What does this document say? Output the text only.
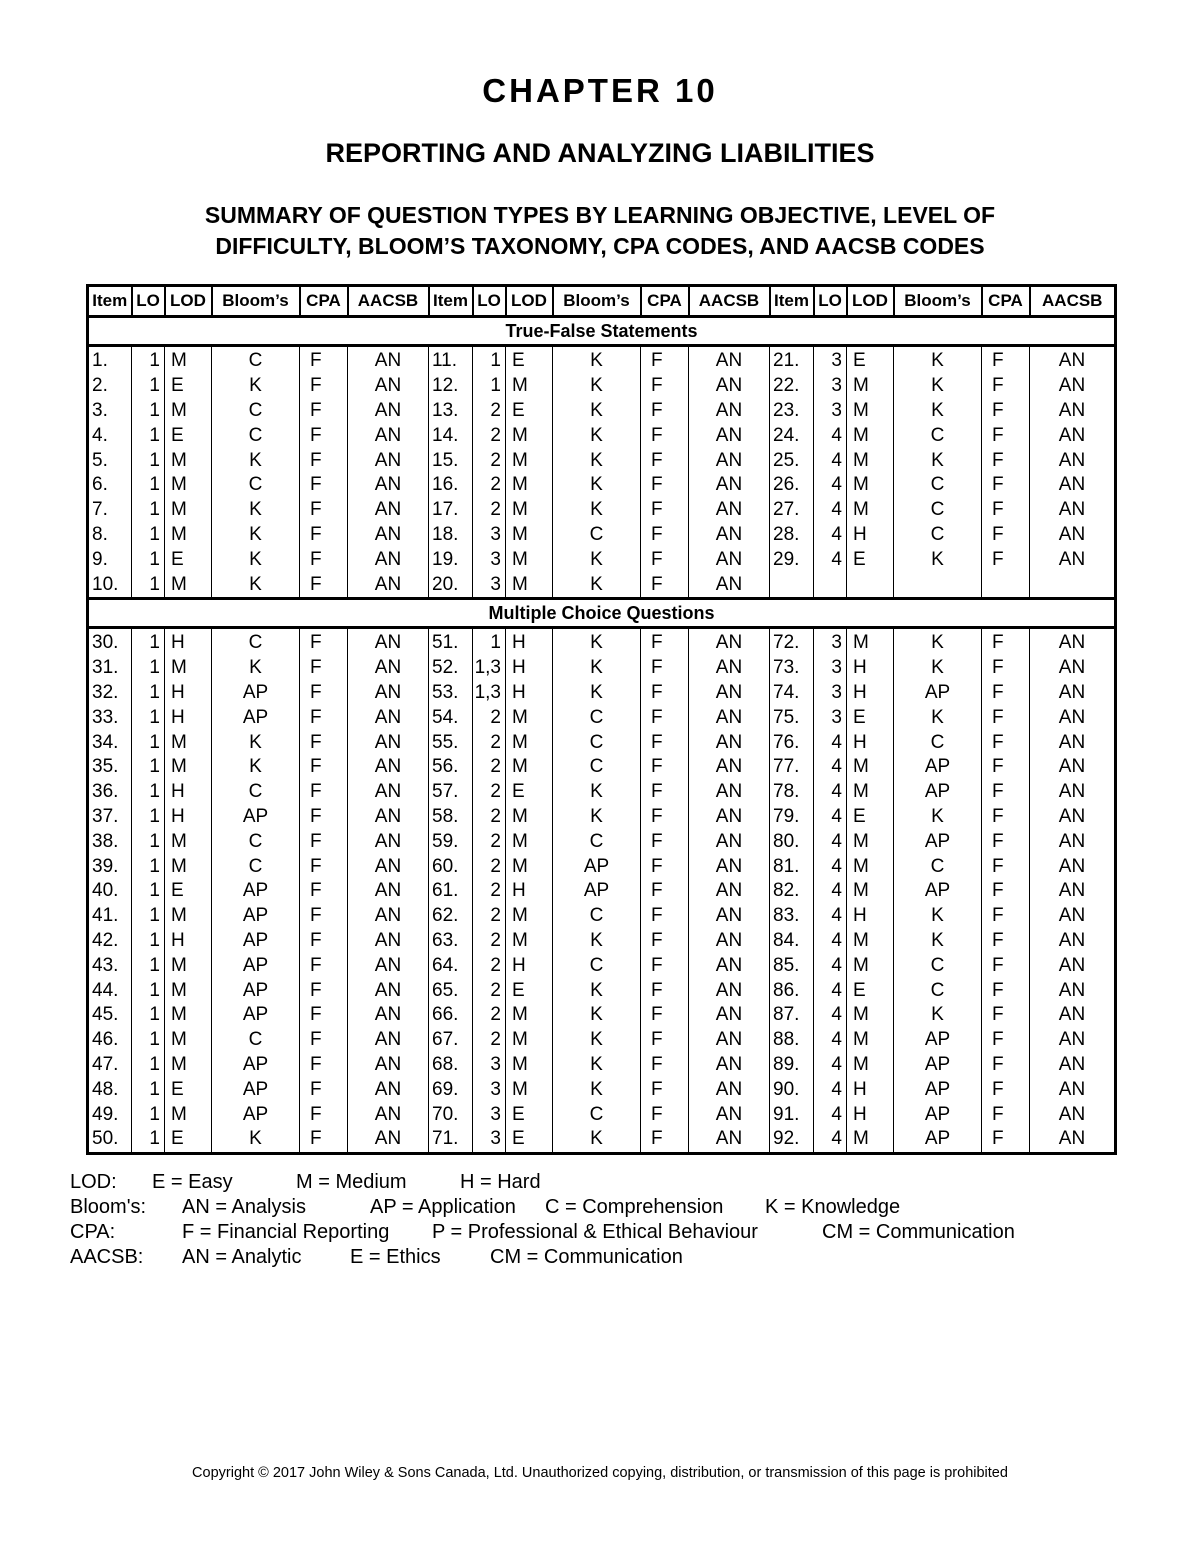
CHAPTER 10
REPORTING AND ANALYZING LIABILITIES
SUMMARY OF QUESTION TYPES BY LEARNING OBJECTIVE, LEVEL OF
DIFFICULTY, BLOOM’S TAXONOMY, CPA CODES, AND AACSB CODES
Item	LO	LOD	Bloom’s	CPA	AACSB	Item	LO	LOD	Bloom’s	CPA	AACSB	Item	LO	LOD	Bloom’s	CPA	AACSB
True-False Statements																	
1.	1	M	C	F	AN	11.	1	E	K	F	AN	21.	3	E	K	F	AN
2.	1	E	K	F	AN	12.	1	M	K	F	AN	22.	3	M	K	F	AN
3.	1	M	C	F	AN	13.	2	E	K	F	AN	23.	3	M	K	F	AN
4.	1	E	C	F	AN	14.	2	M	K	F	AN	24.	4	M	C	F	AN
5.	1	M	K	F	AN	15.	2	M	K	F	AN	25.	4	M	K	F	AN
6.	1	M	C	F	AN	16.	2	M	K	F	AN	26.	4	M	C	F	AN
7.	1	M	K	F	AN	17.	2	M	K	F	AN	27.	4	M	C	F	AN
8.	1	M	K	F	AN	18.	3	M	C	F	AN	28.	4	H	C	F	AN
9.	1	E	K	F	AN	19.	3	M	K	F	AN	29.	4	E	K	F	AN
10.	1	M	K	F	AN	20.	3	M	K	F	AN						
Multiple Choice Questions																	
30.	1	H	C	F	AN	51.	1	H	K	F	AN	72.	3	M	K	F	AN
31.	1	M	K	F	AN	52.	1,3	H	K	F	AN	73.	3	H	K	F	AN
32.	1	H	AP	F	AN	53.	1,3	H	K	F	AN	74.	3	H	AP	F	AN
33.	1	H	AP	F	AN	54.	2	M	C	F	AN	75.	3	E	K	F	AN
34.	1	M	K	F	AN	55.	2	M	C	F	AN	76.	4	H	C	F	AN
35.	1	M	K	F	AN	56.	2	M	C	F	AN	77.	4	M	AP	F	AN
36.	1	H	C	F	AN	57.	2	E	K	F	AN	78.	4	M	AP	F	AN
37.	1	H	AP	F	AN	58.	2	M	K	F	AN	79.	4	E	K	F	AN
38.	1	M	C	F	AN	59.	2	M	C	F	AN	80.	4	M	AP	F	AN
39.	1	M	C	F	AN	60.	2	M	AP	F	AN	81.	4	M	C	F	AN
40.	1	E	AP	F	AN	61.	2	H	AP	F	AN	82.	4	M	AP	F	AN
41.	1	M	AP	F	AN	62.	2	M	C	F	AN	83.	4	H	K	F	AN
42.	1	H	AP	F	AN	63.	2	M	K	F	AN	84.	4	M	K	F	AN
43.	1	M	AP	F	AN	64.	2	H	C	F	AN	85.	4	M	C	F	AN
44.	1	M	AP	F	AN	65.	2	E	K	F	AN	86.	4	E	C	F	AN
45.	1	M	AP	F	AN	66.	2	M	K	F	AN	87.	4	M	K	F	AN
46.	1	M	C	F	AN	67.	2	M	K	F	AN	88.	4	M	AP	F	AN
47.	1	M	AP	F	AN	68.	3	M	K	F	AN	89.	4	M	AP	F	AN
48.	1	E	AP	F	AN	69.	3	M	K	F	AN	90.	4	H	AP	F	AN
49.	1	M	AP	F	AN	70.	3	E	C	F	AN	91.	4	H	AP	F	AN
50.	1	E	K	F	AN	71.	3	E	K	F	AN	92.	4	M	AP	F	AN
LOD: E = Easy	M = Medium	H = Hard
Bloom's: AN = Analysis	AP = Application C = Comprehension K = Knowledge
CPA:	F = Financial Reporting P = Professional & Ethical Behaviour	CM = Communication
AACSB: AN = Analytic E = Ethics CM = Communication
Copyright © 2017 John Wiley & Sons Canada, Ltd. Unauthorized copying, distribution, or transmission of this page is prohibited
